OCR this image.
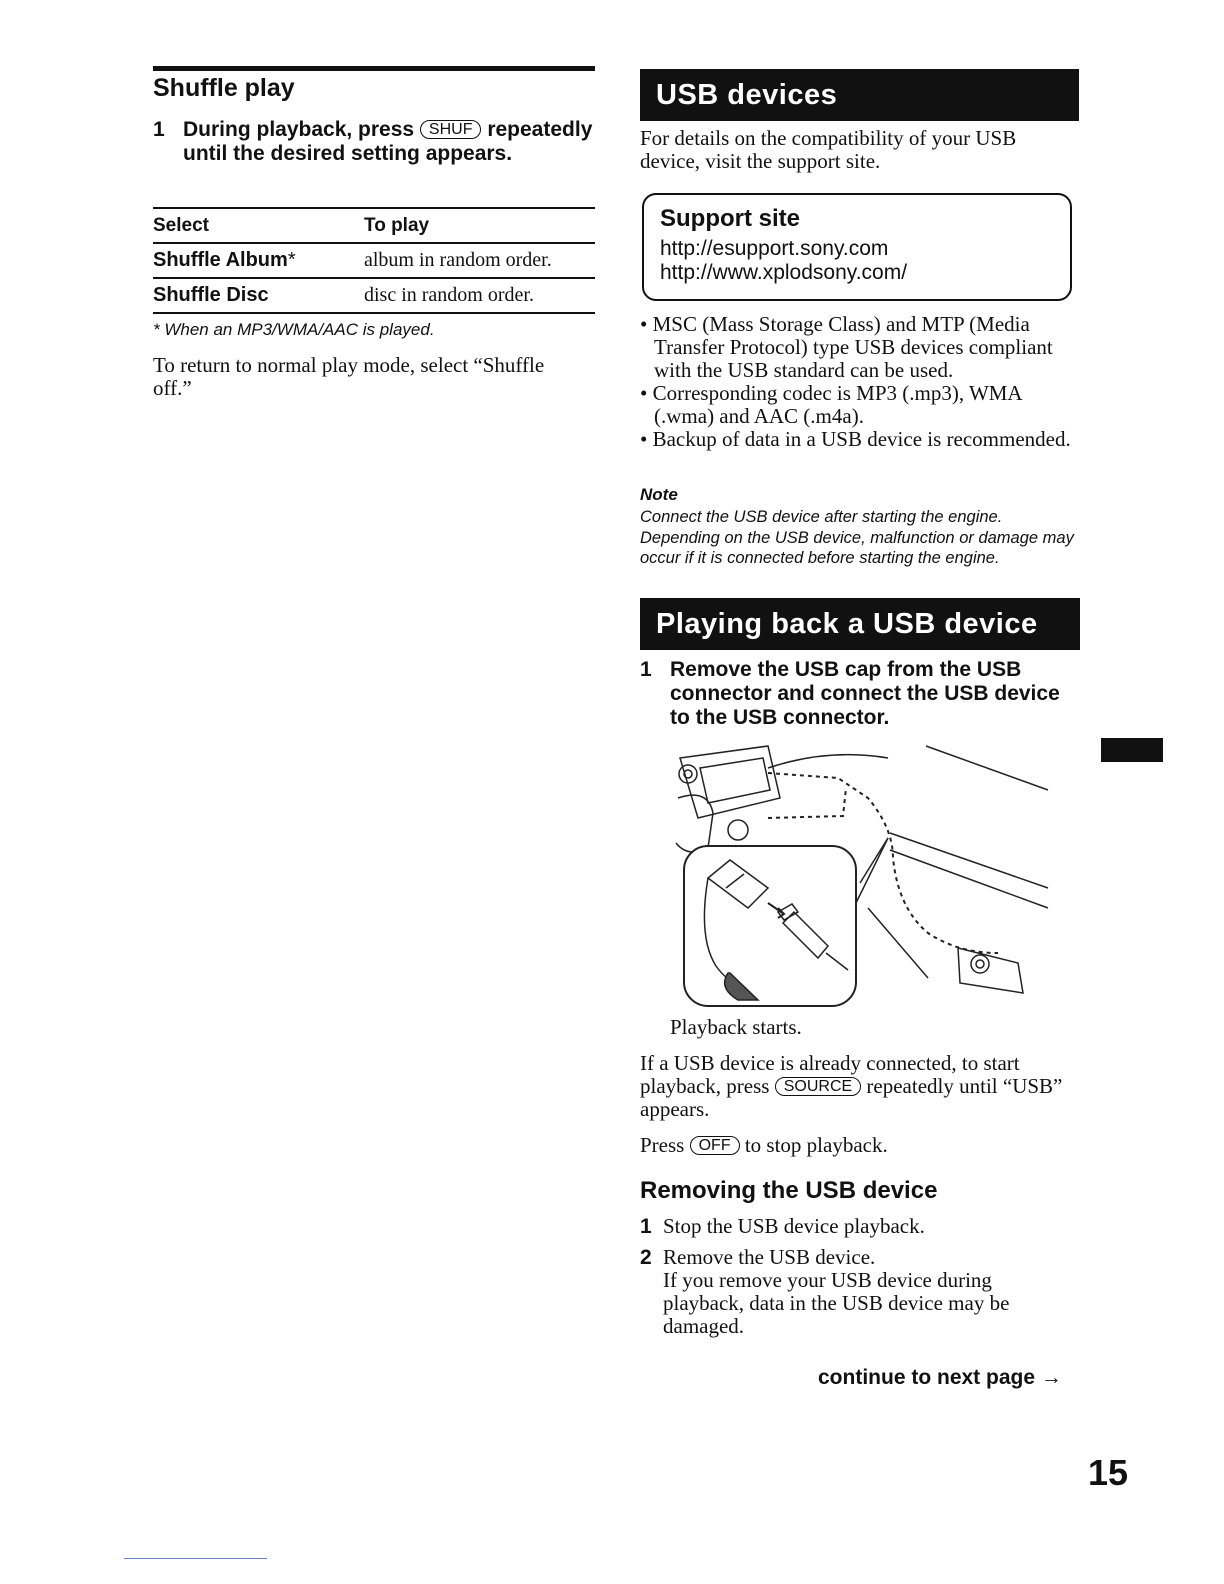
Shuffle play
1 During playback, press SHUF repeatedly until the desired setting appears.
Select	To play
Shuffle Album*	album in random order.
Shuffle Disc	disc in random order.
* When an MP3/WMA/AAC is played.
To return to normal play mode, select “Shuffle off.”
USB devices
For details on the compatibility of your USB device, visit the support site.
Support site
http://esupport.sony.com
http://www.xplodsony.com/
• MSC (Mass Storage Class) and MTP (Media Transfer Protocol) type USB devices compliant with the USB standard can be used.
• Corresponding codec is MP3 (.mp3), WMA (.wma) and AAC (.m4a).
• Backup of data in a USB device is recommended.
Note
Connect the USB device after starting the engine. Depending on the USB device, malfunction or damage may occur if it is connected before starting the engine.
Playing back a USB device
1 Remove the USB cap from the USB connector and connect the USB device to the USB connector.
Playback starts.
If a USB device is already connected, to start playback, press SOURCE repeatedly until “USB” appears.
Press OFF to stop playback.
Removing the USB device
1 Stop the USB device playback.
2 Remove the USB device.
If you remove your USB device during playback, data in the USB device may be damaged.
continue to next page →
15
